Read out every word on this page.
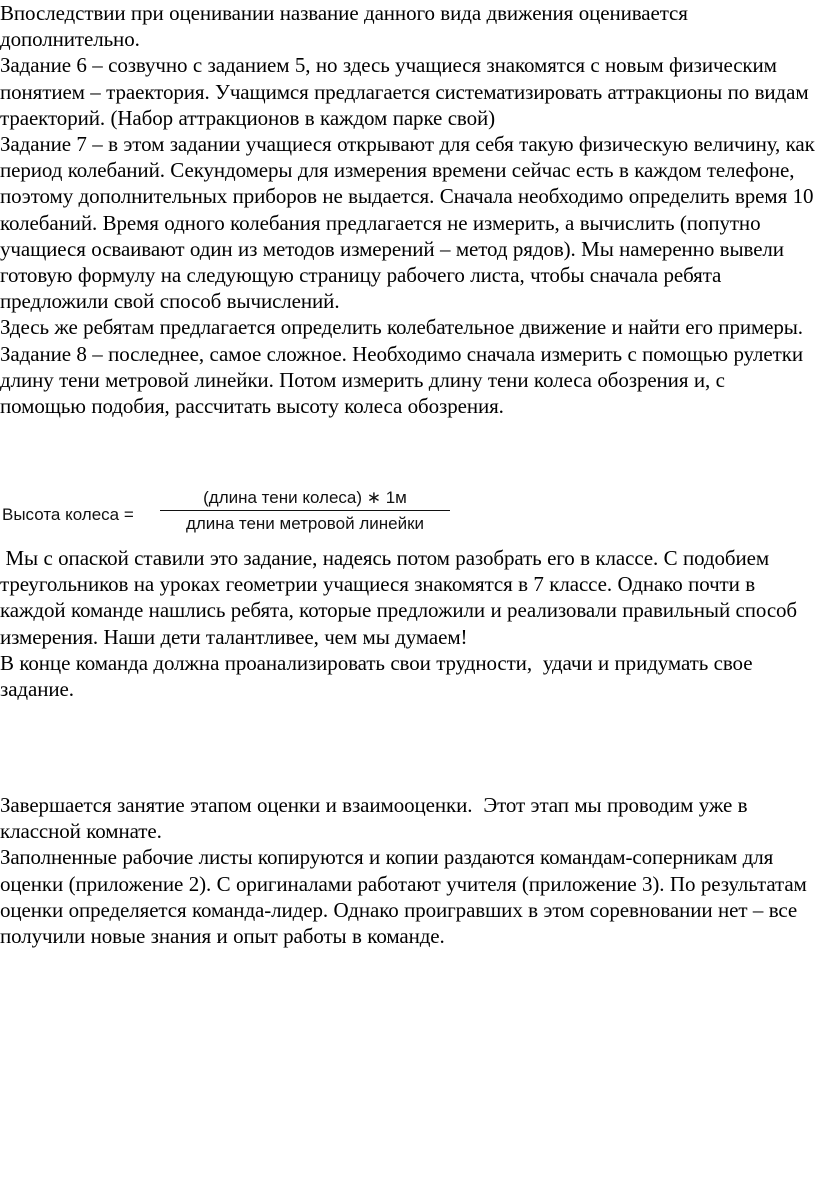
Впоследствии при оценивании название данного вида движения оценивается дополнительно.

Задание 6 – созвучно с заданием 5, но здесь учащиеся знакомятся с новым физическим понятием – траектория. Учащимся предлагается систематизировать аттракционы по видам траекторий. (Набор аттракционов в каждом парке свой)

Задание 7 – в этом задании учащиеся открывают для себя такую физическую величину, как период колебаний. Секундомеры для измерения времени сейчас есть в каждом телефоне, поэтому дополнительных приборов не выдается. Сначала необходимо определить время 10 колебаний. Время одного колебания предлагается не измерить, а вычислить (попутно учащиеся осваивают один из методов измерений – метод рядов). Мы намеренно вывели готовую формулу на следующую страницу рабочего листа, чтобы сначала ребята предложили свой способ вычислений.

Здесь же ребятам предлагается определить колебательное движение и найти его примеры.

Задание 8 – последнее, самое сложное. Необходимо сначала измерить с помощью рулетки длину тени метровой линейки. Потом измерить длину тени колеса обозрения и, с помощью подобия, рассчитать высоту колеса обозрения.

Высота колеса =
(длина тени колеса) ∗ 1м
длина тени метровой линейки

Мы с опаской ставили это задание, надеясь потом разобрать его в классе. С подобием треугольников на уроках геометрии учащиеся знакомятся в 7 классе. Однако почти в каждой команде нашлись ребята, которые предложили и реализовали правильный способ измерения. Наши дети талантливее, чем мы думаем!

В конце команда должна проанализировать свои трудности,  удачи и придумать свое задание.

Завершается занятие этапом оценки и взаимооценки.  Этот этап мы проводим уже в классной комнате.

Заполненные рабочие листы копируются и копии раздаются командам-соперникам для оценки (приложение 2). С оригиналами работают учителя (приложение 3). По результатам оценки определяется команда-лидер. Однако проигравших в этом соревновании нет – все получили новые знания и опыт работы в команде.
